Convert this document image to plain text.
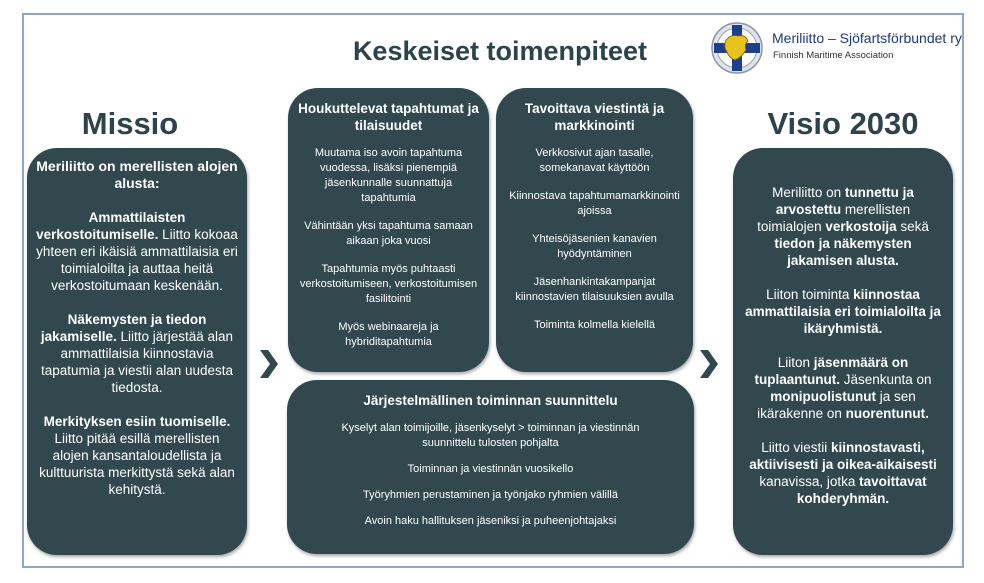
Keskeiset toimenpiteet	Meriliitto – Sjöfartsförbundet ry
Finnish Maritime Association
Missio

Meriliitto on merellisten alojen alusta:

Ammattilaisten verkostoitumiselle. Liitto kokoaa yhteen eri ikäisiä ammattilaisia eri toimialoilta ja auttaa heitä verkostoitumaan keskenään.

Näkemysten ja tiedon jakamiselle. Liitto järjestää alan ammattilaisia kiinnostavia tapatumia ja viestii alan uudesta tiedosta.

Merkityksen esiin tuomiselle. Liitto pitää esillä merellisten alojen kansantaloudellista ja kulttuurista merkittystä sekä alan kehitystä.

Houkuttelevat tapahtumat ja tilaisuudet

Muutama iso avoin tapahtuma vuodessa, lisäksi pienempiä jäsenkunnalle suunnattuja tapahtumia

Vähintään yksi tapahtuma samaan aikaan joka vuosi

Tapahtumia myös puhtaasti verkostoitumiseen, verkostoitumisen fasilitointi

Myös webinaareja ja hybriditapahtumia

Tavoittava viestintä ja markkinointi

Verkkosivut ajan tasalle, somekanavat käyttöön

Kiinnostava tapahtumamarkkinointi ajoissa

Yhteisöjäsenien kanavien hyödyntäminen

Jäsenhankintakampanjat kiinnostavien tilaisuuksien avulla

Toiminta kolmella kielellä

Järjestelmällinen toiminnan suunnittelu

Kyselyt alan toimijoille, jäsenkyselyt > toiminnan ja viestinnän suunnittelu tulosten pohjalta

Toiminnan ja viestinnän vuosikello

Työryhmien perustaminen ja työnjako ryhmien välillä

Avoin haku hallituksen jäseniksi ja puheenjohtajaksi

Visio 2030

Meriliitto on tunnettu ja arvostettu merellisten toimialojen verkostoija sekä tiedon ja näkemysten jakamisen alusta.

Liiton toiminta kiinnostaa ammattilaisia eri toimialoilta ja ikäryhmistä.

Liiton jäsenmäärä on tuplaantunut. Jäsenkunta on monipuolistunut ja sen ikärakenne on nuorentunut.

Liitto viestii kiinnostavasti, aktiivisesti ja oikea-aikaisesti kanavissa, jotka tavoittavat kohderyhmän.
